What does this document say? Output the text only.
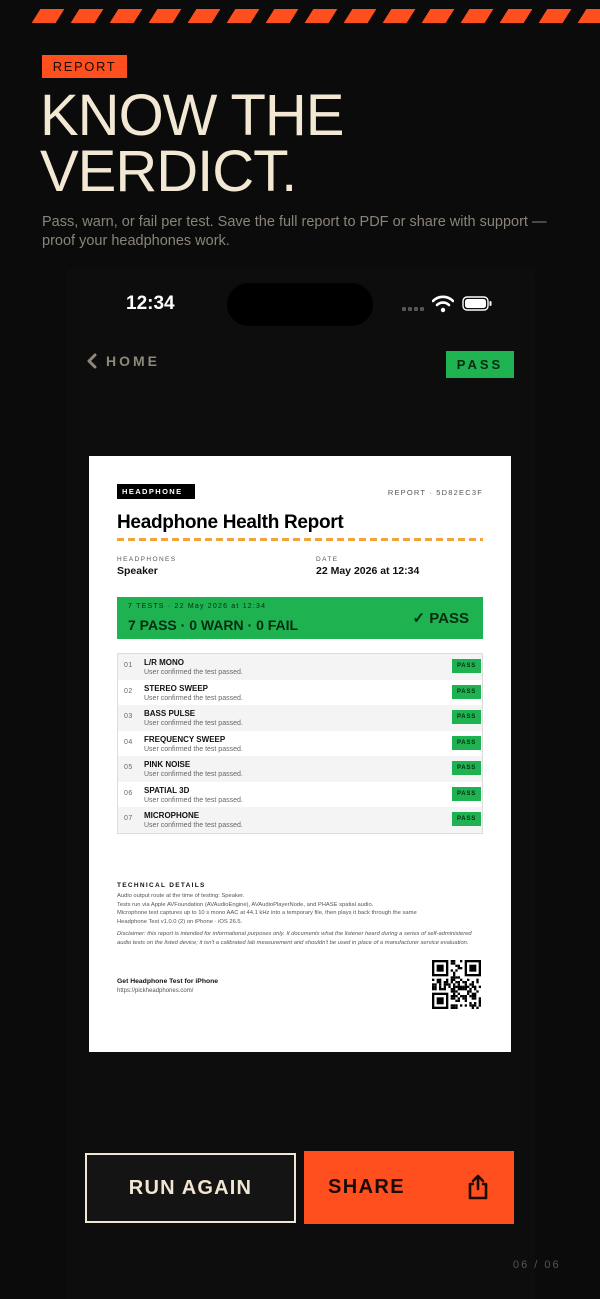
REPORT
KNOW THE
VERDICT.
Pass, warn, or fail per test. Save the full report to PDF or share with support — proof your headphones work.
12:34
HOME	PASS
HEADPHONE	REPORT · 5D82EC3F
Headphone Health Report
HEADPHONES
Speaker
DATE
22 May 2026 at 12:34
7 TESTS · 22 May 2026 at 12:34
7 PASS · 0 WARN · 0 FAIL	✓ PASS
01 L/R MONO
User confirmed the test passed.
PASS
02 STEREO SWEEP
User confirmed the test passed.
PASS
03 BASS PULSE
User confirmed the test passed.
PASS
04 FREQUENCY SWEEP
User confirmed the test passed.
PASS
05 PINK NOISE
User confirmed the test passed.
PASS
06 SPATIAL 3D
User confirmed the test passed.
PASS
07 MICROPHONE
User confirmed the test passed.
PASS
TECHNICAL DETAILS
Audio output route at the time of testing: Speaker.
Tests run via Apple AVFoundation (AVAudioEngine), AVAudioPlayerNode, and PHASE spatial audio.
Microphone test captures up to 10 s mono AAC at 44.1 kHz into a temporary file, then plays it back through the same
Headphone Test v1.0.0 (2) on iPhone · iOS 26.5.
Disclaimer: this report is intended for informational purposes only. It documents what the listener heard during a series of self-administered audio tests on the listed device; it isn't a calibrated lab measurement and shouldn't be used in place of a manufacturer service evaluation.
Get Headphone Test for iPhone
https://pickheadphones.com/
RUN AGAIN	SHARE
06 / 06
